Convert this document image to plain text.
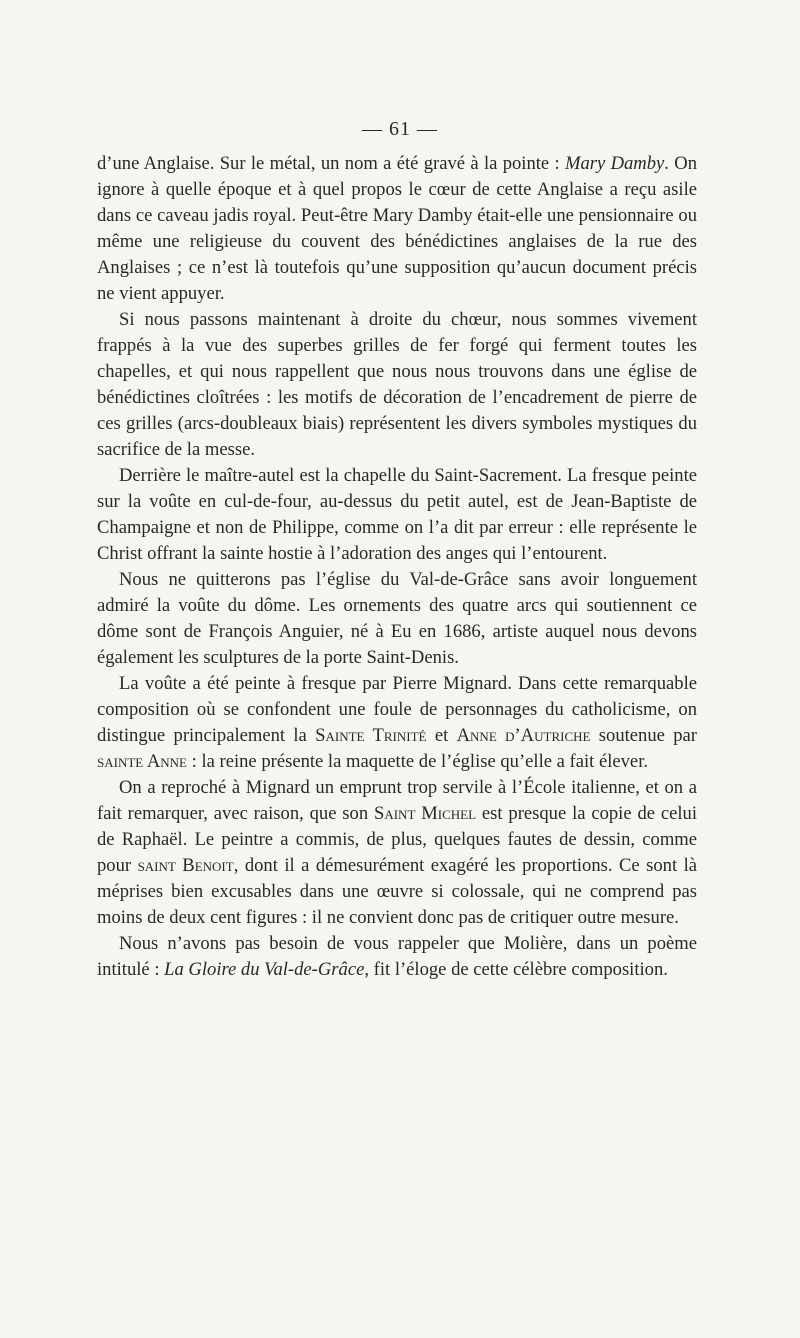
— 61 —

d’une Anglaise. Sur le métal, un nom a été gravé à la pointe : Mary Damby. On ignore à quelle époque et à quel propos le cœur de cette Anglaise a reçu asile dans ce caveau jadis royal. Peut-être Mary Damby était-elle une pensionnaire ou même une religieuse du couvent des bénédictines anglaises de la rue des Anglaises ; ce n’est là toutefois qu’une supposition qu’aucun document précis ne vient appuyer.

Si nous passons maintenant à droite du chœur, nous sommes vivement frappés à la vue des superbes grilles de fer forgé qui ferment toutes les chapelles, et qui nous rappellent que nous nous trouvons dans une église de bénédictines cloîtrées : les motifs de décoration de l’encadrement de pierre de ces grilles (arcs-doubleaux biais) représentent les divers symboles mystiques du sacrifice de la messe.

Derrière le maître-autel est la chapelle du Saint-Sacrement. La fresque peinte sur la voûte en cul-de-four, au-dessus du petit autel, est de Jean-Baptiste de Champaigne et non de Philippe, comme on l’a dit par erreur : elle représente le Christ offrant la sainte hostie à l’adoration des anges qui l’entourent.

Nous ne quitterons pas l’église du Val-de-Grâce sans avoir longuement admiré la voûte du dôme. Les ornements des quatre arcs qui soutiennent ce dôme sont de François Anguier, né à Eu en 1686, artiste auquel nous devons également les sculptures de la porte Saint-Denis.

La voûte a été peinte à fresque par Pierre Mignard. Dans cette remarquable composition où se confondent une foule de personnages du catholicisme, on distingue principalement la Sainte Trinité et Anne d’Autriche soutenue par sainte Anne : la reine présente la maquette de l’église qu’elle a fait élever.

On a reproché à Mignard un emprunt trop servile à l’École italienne, et on a fait remarquer, avec raison, que son Saint Michel est presque la copie de celui de Raphaël. Le peintre a commis, de plus, quelques fautes de dessin, comme pour saint Benoit, dont il a démesurément exagéré les proportions. Ce sont là méprises bien excusables dans une œuvre si colossale, qui ne comprend pas moins de deux cent figures : il ne convient donc pas de critiquer outre mesure.

Nous n’avons pas besoin de vous rappeler que Molière, dans un poème intitulé : La Gloire du Val-de-Grâce, fit l’éloge de cette célèbre composition.
